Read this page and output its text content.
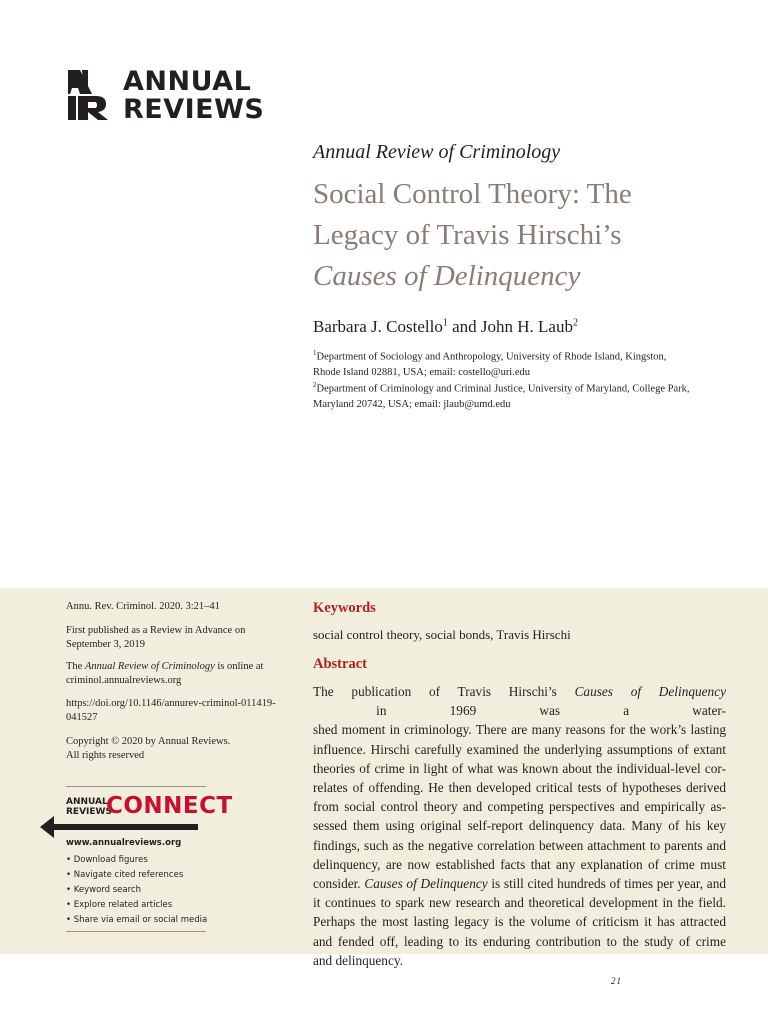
ANNUAL
REVIEWS
Annual Review of Criminology
Social Control Theory: The
Legacy of Travis Hirschi’s
Causes of Delinquency
Barbara J. Costello$^1$ and John H. Laub$^2$
$^1$Department of Sociology and Anthropology, University of Rhode Island, Kingston,
Rhode Island 02881, USA; email: costello@uri.edu
$^2$Department of Criminology and Criminal Justice, University of Maryland, College Park,
Maryland 20742, USA; email: jlaub@umd.edu
Annu. Rev. Criminol. 2020. 3:21–41
First published as a Review in Advance on
September 3, 2019
The Annual Review of Criminology is online at
criminol.annualreviews.org
https://doi.org/10.1146/annurev-criminol-011419-
041527
Copyright © 2020 by Annual Reviews.
All rights reserved
ANNUAL
REVIEWS
CONNECT
www.annualreviews.org
• Download figures
• Navigate cited references
• Keyword search
• Explore related articles
• Share via email or social media
Keywords
social control theory, social bonds, Travis Hirschi
Abstract
The publication of Travis Hirschi’s Causes of Delinquency in 1969 was a water-
shed moment in criminology. There are many reasons for the work’s lasting
influence. Hirschi carefully examined the underlying assumptions of extant
theories of crime in light of what was known about the individual-level cor-
relates of offending. He then developed critical tests of hypotheses derived
from social control theory and competing perspectives and empirically as-
sessed them using original self-report delinquency data. Many of his key
findings, such as the negative correlation between attachment to parents and
delinquency, are now established facts that any explanation of crime must
consider. Causes of Delinquency is still cited hundreds of times per year, and
it continues to spark new research and theoretical development in the field.
Perhaps the most lasting legacy is the volume of criticism it has attracted
and fended off, leading to its enduring contribution to the study of crime
and delinquency.
21
